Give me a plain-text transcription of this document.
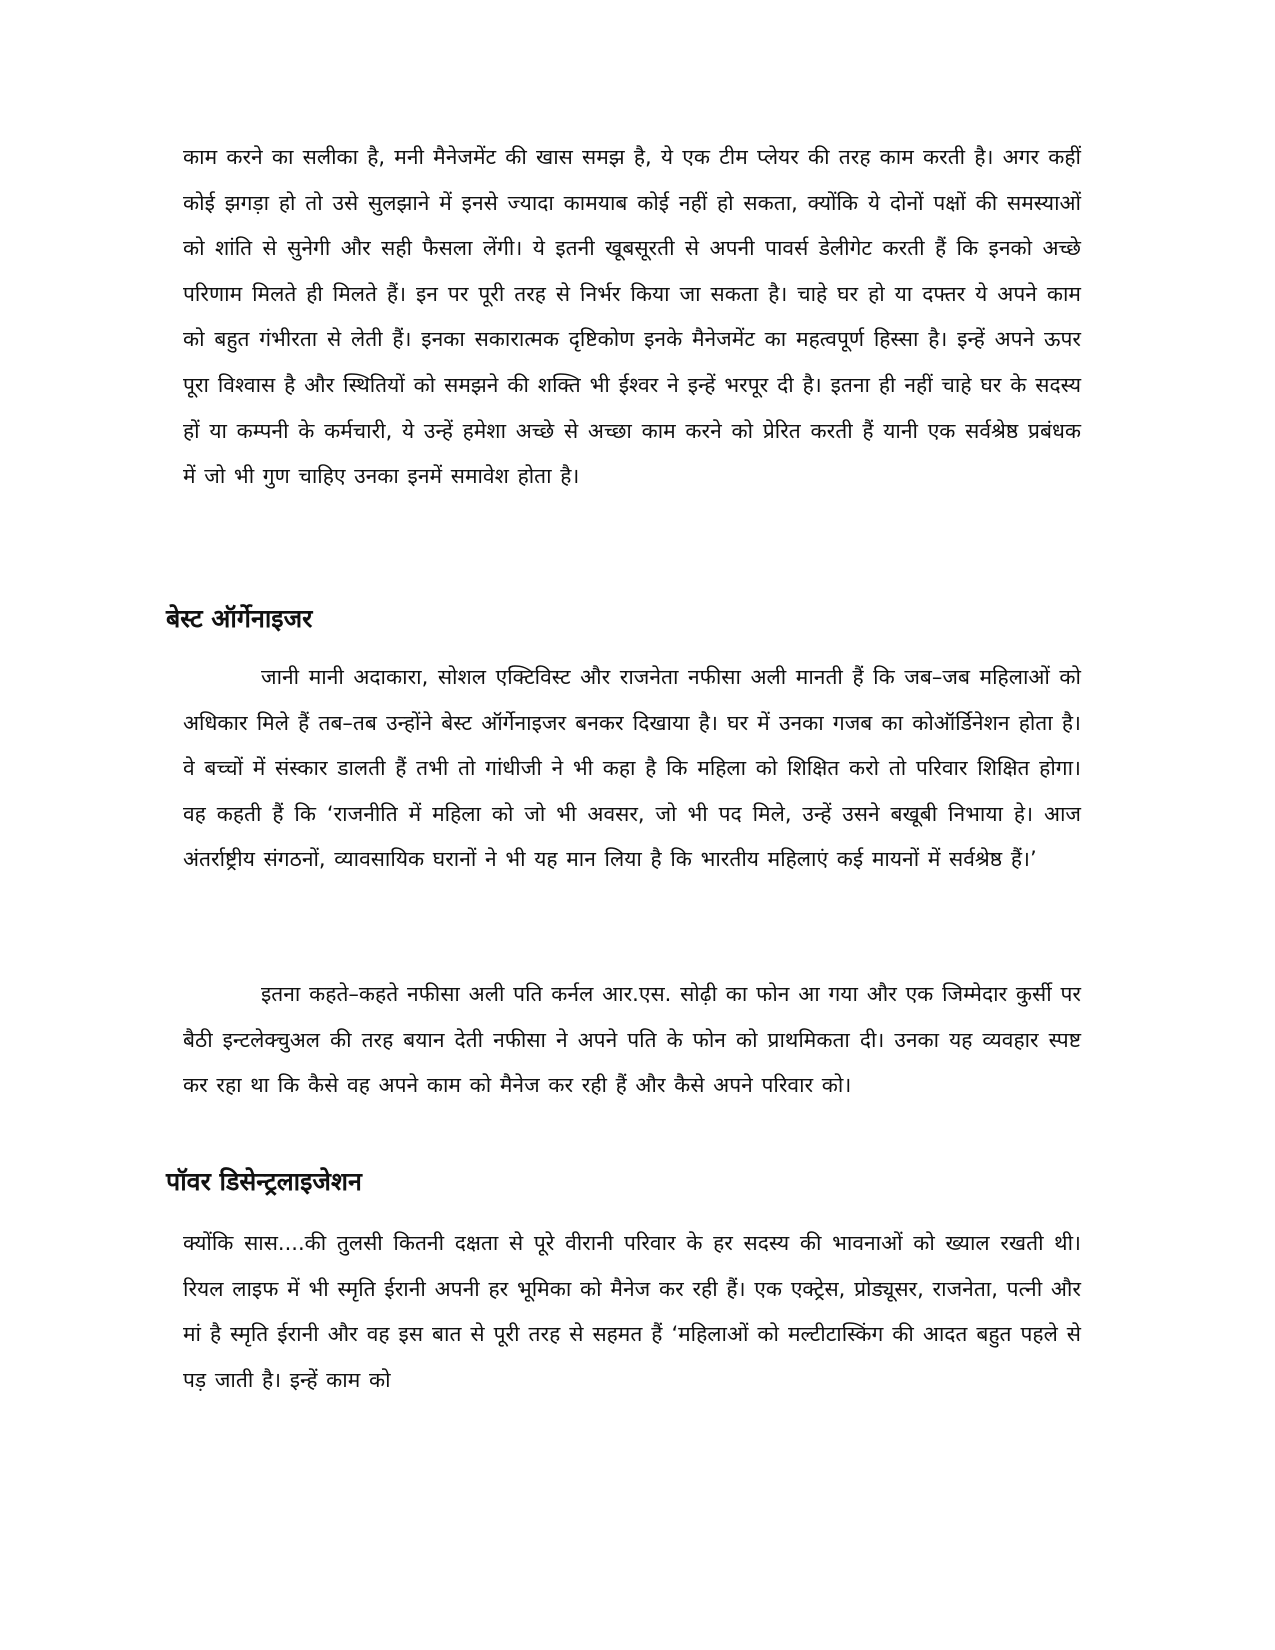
काम करने का सलीका है, मनी मैनेजमेंट की खास समझ है, ये एक टीम प्लेयर की तरह काम करती है। अगर कहीं कोई झगड़ा हो तो उसे सुलझाने में इनसे ज्यादा कामयाब कोई नहीं हो सकता, क्योंकि ये दोनों पक्षों की समस्याओं को शांति से सुनेगी और सही फैसला लेंगी। ये इतनी खूबसूरती से अपनी पावर्स डेलीगेट करती हैं कि इनको अच्छे परिणाम मिलते ही मिलते हैं। इन पर पूरी तरह से निर्भर किया जा सकता है। चाहे घर हो या दफ्तर ये अपने काम को बहुत गंभीरता से लेती हैं। इनका सकारात्मक दृष्टिकोण इनके मैनेजमेंट का महत्वपूर्ण हिस्सा है। इन्हें अपने ऊपर पूरा विश्वास है और स्थितियों को समझने की शक्ति भी ईश्वर ने इन्हें भरपूर दी है। इतना ही नहीं चाहे घर के सदस्य हों या कम्पनी के कर्मचारी, ये उन्हें हमेशा अच्छे से अच्छा काम करने को प्रेरित करती हैं यानी एक सर्वश्रेष्ठ प्रबंधक में जो भी गुण चाहिए उनका इनमें समावेश होता है।

बेस्ट ऑर्गेनाइजर

जानी मानी अदाकारा, सोशल एक्टिविस्ट और राजनेता नफीसा अली मानती हैं कि जब–जब महिलाओं को अधिकार मिले हैं तब–तब उन्होंने बेस्ट ऑर्गेनाइजर बनकर दिखाया है। घर में उनका गजब का कोऑर्डिनेशन होता है। वे बच्चों में संस्कार डालती हैं तभी तो गांधीजी ने भी कहा है कि महिला को शिक्षित करो तो परिवार शिक्षित होगा। वह कहती हैं कि ‘राजनीति में महिला को जो भी अवसर, जो भी पद मिले, उन्हें उसने बखूबी निभाया हे। आज अंतर्राष्ट्रीय संगठनों, व्यावसायिक घरानों ने भी यह मान लिया है कि भारतीय महिलाएं कई मायनों में सर्वश्रेष्ठ हैं।’

इतना कहते–कहते नफीसा अली पति कर्नल आर.एस. सोढ़ी का फोन आ गया और एक जिम्मेदार कुर्सी पर बैठी इन्टलेक्चुअल की तरह बयान देती नफीसा ने अपने पति के फोन को प्राथमिकता दी। उनका यह व्यवहार स्पष्ट कर रहा था कि कैसे वह अपने काम को मैनेज कर रही हैं और कैसे अपने परिवार को।

पॉवर डिसेन्ट्रलाइजेशन

क्योंकि सास....की तुलसी कितनी दक्षता से पूरे वीरानी परिवार के हर सदस्य की भावनाओं को ख्याल रखती थी। रियल लाइफ में भी स्मृति ईरानी अपनी हर भूमिका को मैनेज कर रही हैं। एक एक्ट्रेस, प्रोड्यूसर, राजनेता, पत्नी और मां है स्मृति ईरानी और वह इस बात से पूरी तरह से सहमत हैं ‘महिलाओं को मल्टीटास्किंग की आदत बहुत पहले से पड़ जाती है। इन्हें काम को
